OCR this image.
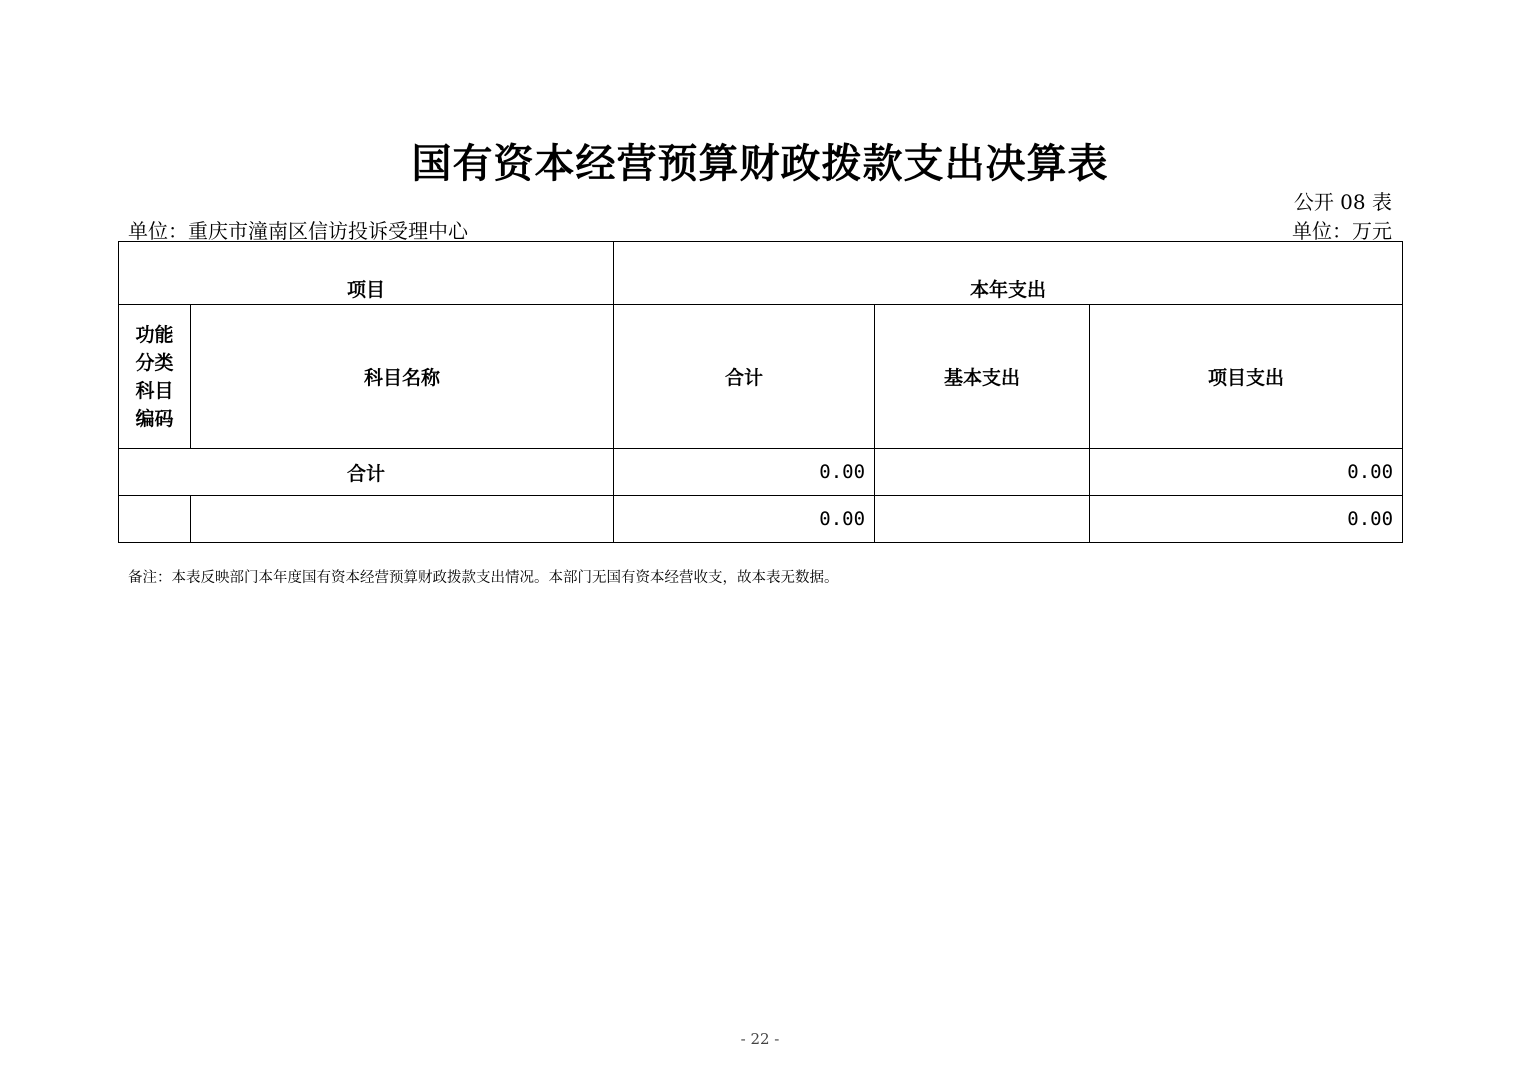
国有资本经营预算财政拨款支出决算表
公开 08 表
单位：重庆市潼南区信访投诉受理中心	单位：万元
项目		本年支出		

功能
分类
科目
编码	科目名称	合计	基本支出	项目支出
合计		0.00		0.00
		0.00		0.00
备注：本表反映部门本年度国有资本经营预算财政拨款支出情况。本部门无国有资本经营收支，故本表无数据。
- 22 -
